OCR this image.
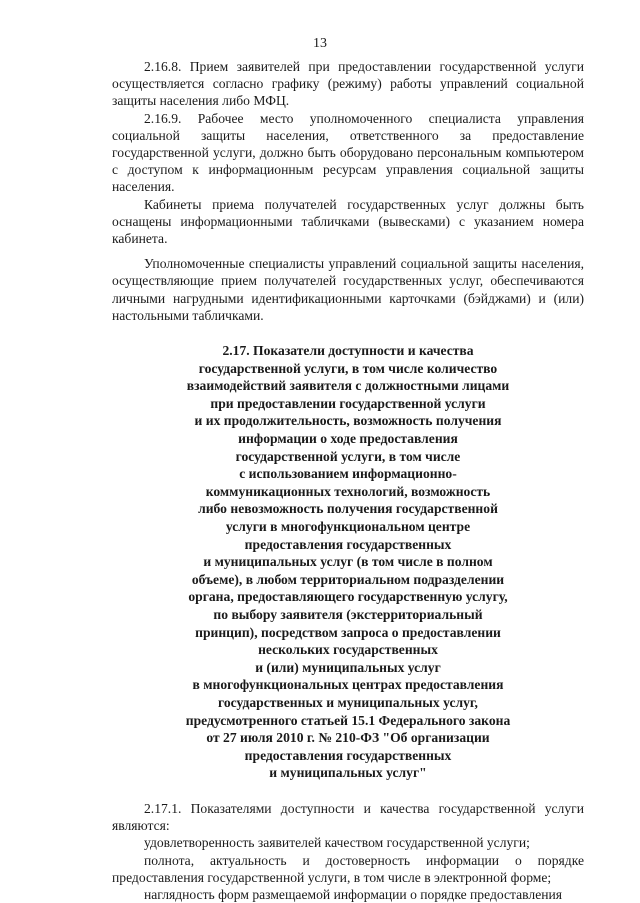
13

2.16.8. Прием заявителей при предоставлении государственной услуги осуществляется согласно графику (режиму) работы управлений социальной защиты населения либо МФЦ.

2.16.9. Рабочее место уполномоченного специалиста управления социальной защиты населения, ответственного за предоставление государственной услуги, должно быть оборудовано персональным компьютером с доступом к информационным ресурсам управления социальной защиты населения.

Кабинеты приема получателей государственных услуг должны быть оснащены информационными табличками (вывесками) с указанием номера кабинета.

Уполномоченные специалисты управлений социальной защиты населения, осуществляющие прием получателей государственных услуг, обеспечиваются личными нагрудными идентификационными карточками (бэйджами) и (или) настольными табличками.

2.17. Показатели доступности и качества
государственной услуги, в том числе количество
взаимодействий заявителя с должностными лицами
при предоставлении государственной услуги
и их продолжительность, возможность получения
информации о ходе предоставления
государственной услуги, в том числе
с использованием информационно-
коммуникационных технологий, возможность
либо невозможность получения государственной
услуги в многофункциональном центре
предоставления государственных
и муниципальных услуг (в том числе в полном
объеме), в любом территориальном подразделении
органа, предоставляющего государственную услугу,
по выбору заявителя (экстерриториальный
принцип), посредством запроса о предоставлении
нескольких государственных
и (или) муниципальных услуг
в многофункциональных центрах предоставления
государственных и муниципальных услуг,
предусмотренного статьей 15.1 Федерального закона
от 27 июля 2010 г. № 210-ФЗ "Об организации
предоставления государственных
и муниципальных услуг"

2.17.1. Показателями доступности и качества государственной услуги являются:

удовлетворенность заявителей качеством государственной услуги;

полнота, актуальность и достоверность информации о порядке предоставления государственной услуги, в том числе в электронной форме;

наглядность форм размещаемой информации о порядке предоставления
